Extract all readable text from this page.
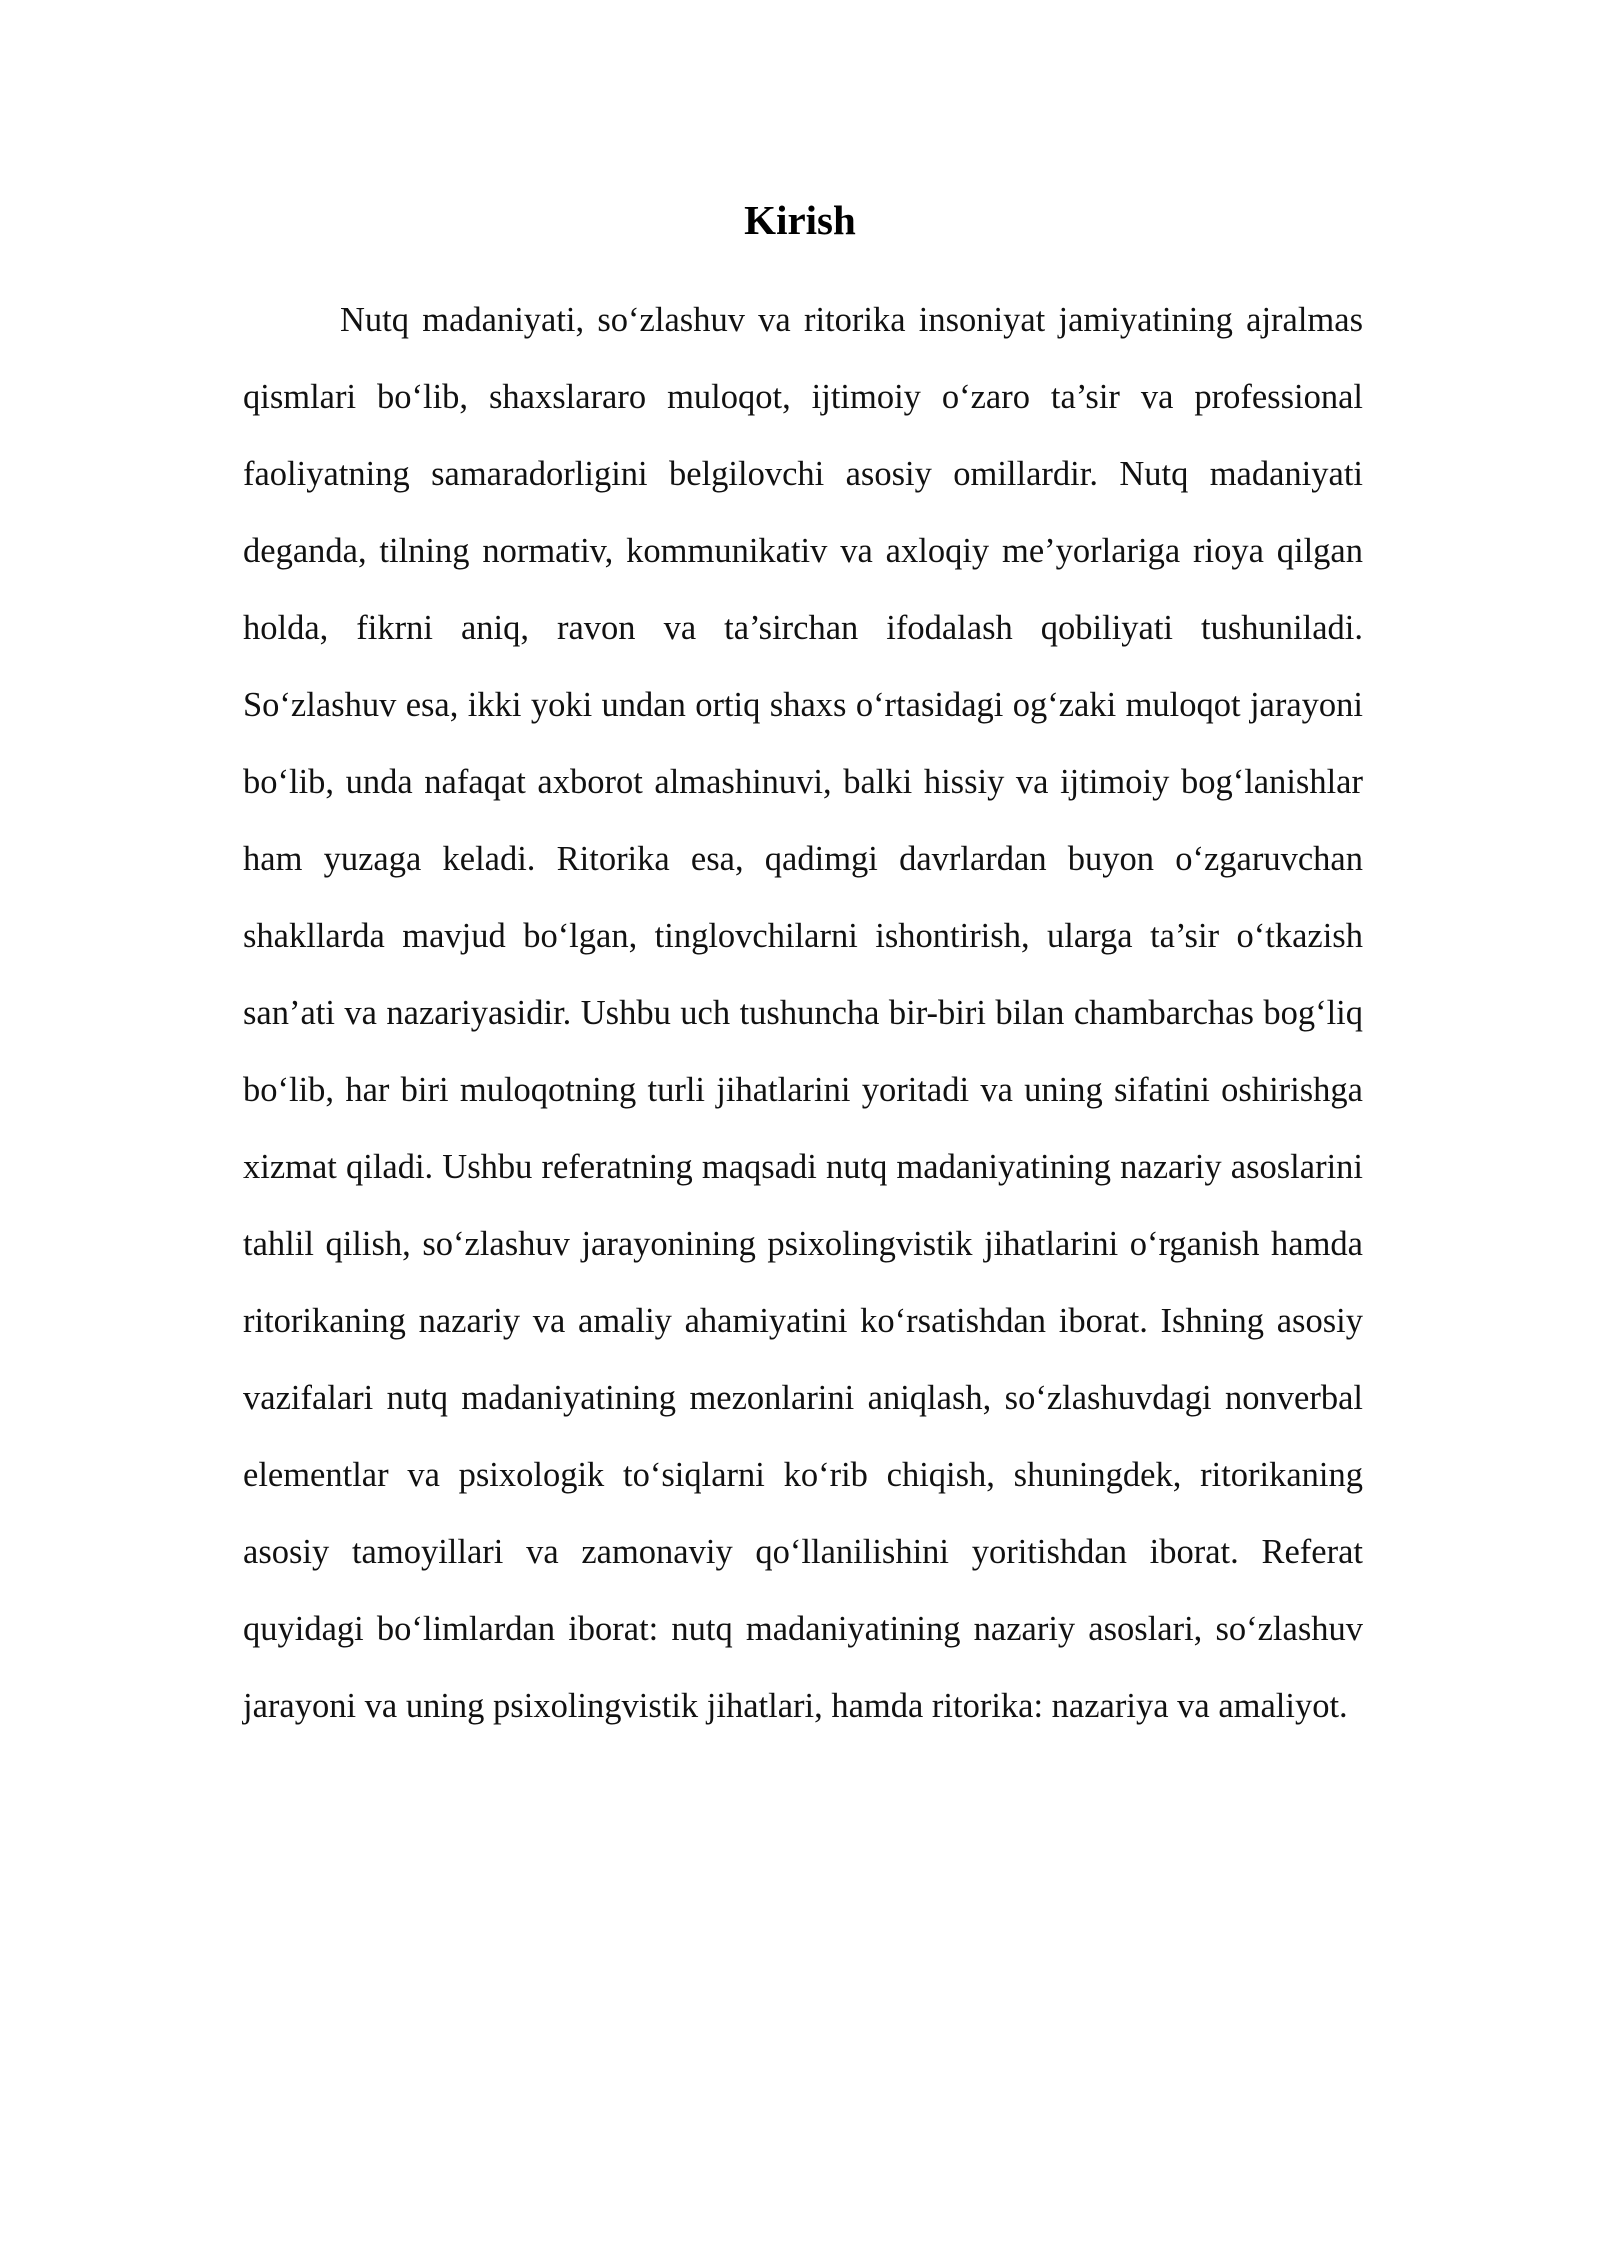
Kirish

Nutq madaniyati, so‘zlashuv va ritorika insoniyat jamiyatining ajralmas qismlari bo‘lib, shaxslararo muloqot, ijtimoiy o‘zaro ta’sir va professional faoliyatning samaradorligini belgilovchi asosiy omillardir. Nutq madaniyati deganda, tilning normativ, kommunikativ va axloqiy me’yorlariga rioya qilgan holda, fikrni aniq, ravon va ta’sirchan ifodalash qobiliyati tushuniladi. So‘zlashuv esa, ikki yoki undan ortiq shaxs o‘rtasidagi og‘zaki muloqot jarayoni bo‘lib, unda nafaqat axborot almashinuvi, balki hissiy va ijtimoiy bog‘lanishlar ham yuzaga keladi. Ritorika esa, qadimgi davrlardan buyon o‘zgaruvchan shakllarda mavjud bo‘lgan, tinglovchilarni ishontirish, ularga ta’sir o‘tkazish san’ati va nazariyasidir. Ushbu uch tushuncha bir-biri bilan chambarchas bog‘liq bo‘lib, har biri muloqotning turli jihatlarini yoritadi va uning sifatini oshirishga xizmat qiladi. Ushbu referatning maqsadi nutq madaniyatining nazariy asoslarini tahlil qilish, so‘zlashuv jarayonining psixolingvistik jihatlarini o‘rganish hamda ritorikaning nazariy va amaliy ahamiyatini ko‘rsatishdan iborat. Ishning asosiy vazifalari nutq madaniyatining mezonlarini aniqlash, so‘zlashuvdagi nonverbal elementlar va psixologik to‘siqlarni ko‘rib chiqish, shuningdek, ritorikaning asosiy tamoyillari va zamonaviy qo‘llanilishini yoritishdan iborat. Referat quyidagi bo‘limlardan iborat: nutq madaniyatining nazariy asoslari, so‘zlashuv jarayoni va uning psixolingvistik jihatlari, hamda ritorika: nazariya va amaliyot.
